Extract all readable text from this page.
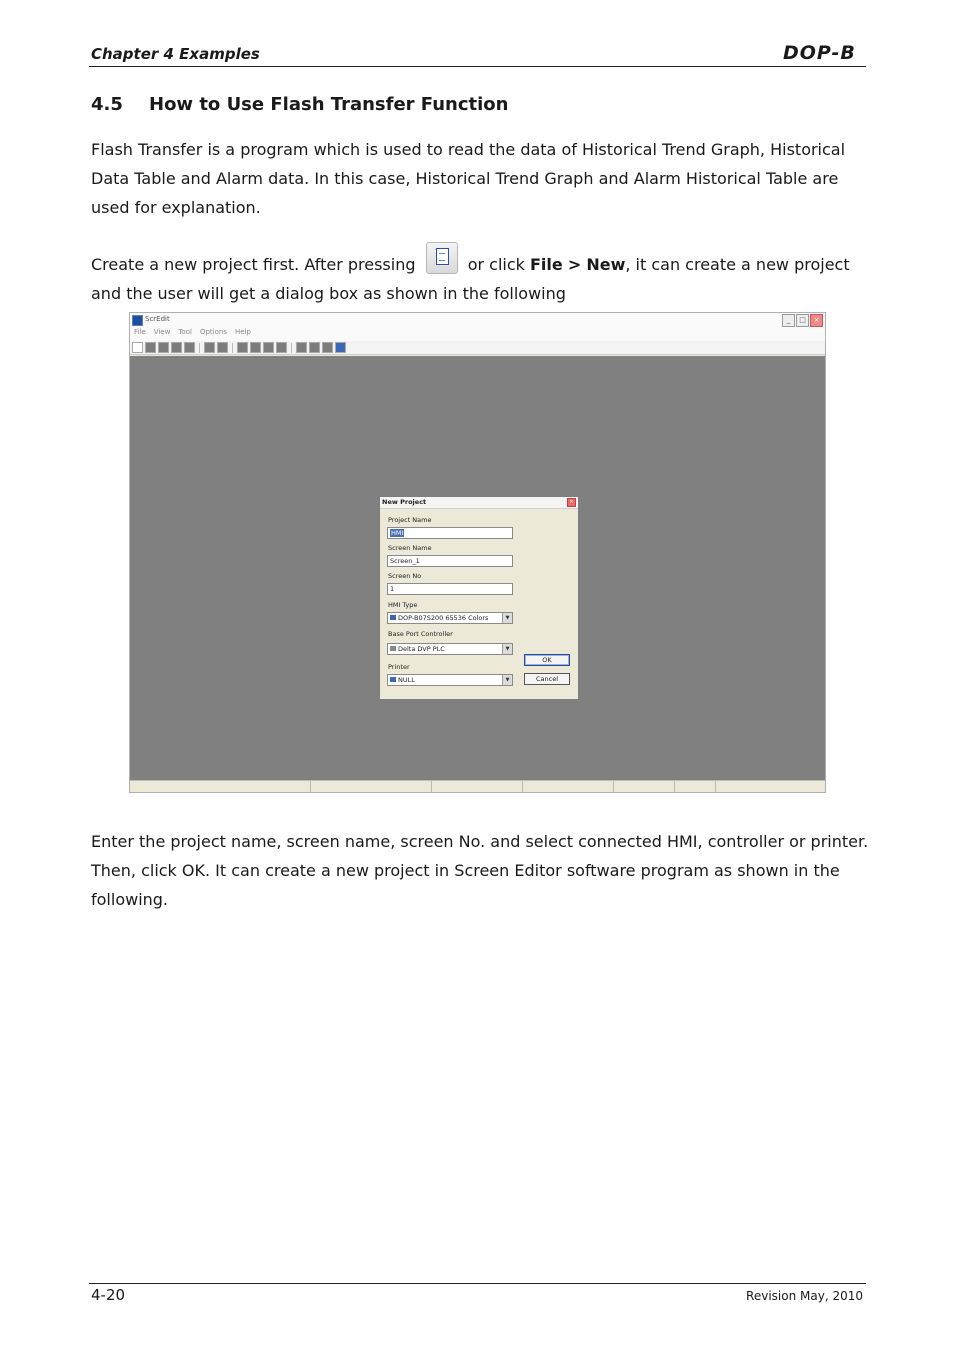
Chapter 4 Examples	DOP-B
4.5 How to Use Flash Transfer Function
Flash Transfer is a program which is used to read the data of Historical Trend Graph, Historical Data Table and Alarm data. In this case, Historical Trend Graph and Alarm Historical Table are used for explanation.
Create a new project first. After pressing	or click File > New, it can create a new project
and the user will get a dialog box as shown in the following
ScrEdit	_	□	×
File View Tool Options Help
New Project	×
Project Name
HMI
Screen Name
Screen_1
Screen No
1
HMI Type
DOP-B07S200 65536 Colors	▼
Base Port Controller
Delta DVP PLC	▼
Printer
NULL	▼
OK
Cancel
Enter the project name, screen name, screen No. and select connected HMI, controller or printer. Then, click OK. It can create a new project in Screen Editor software program as shown in the following.
4-20	Revision May, 2010
